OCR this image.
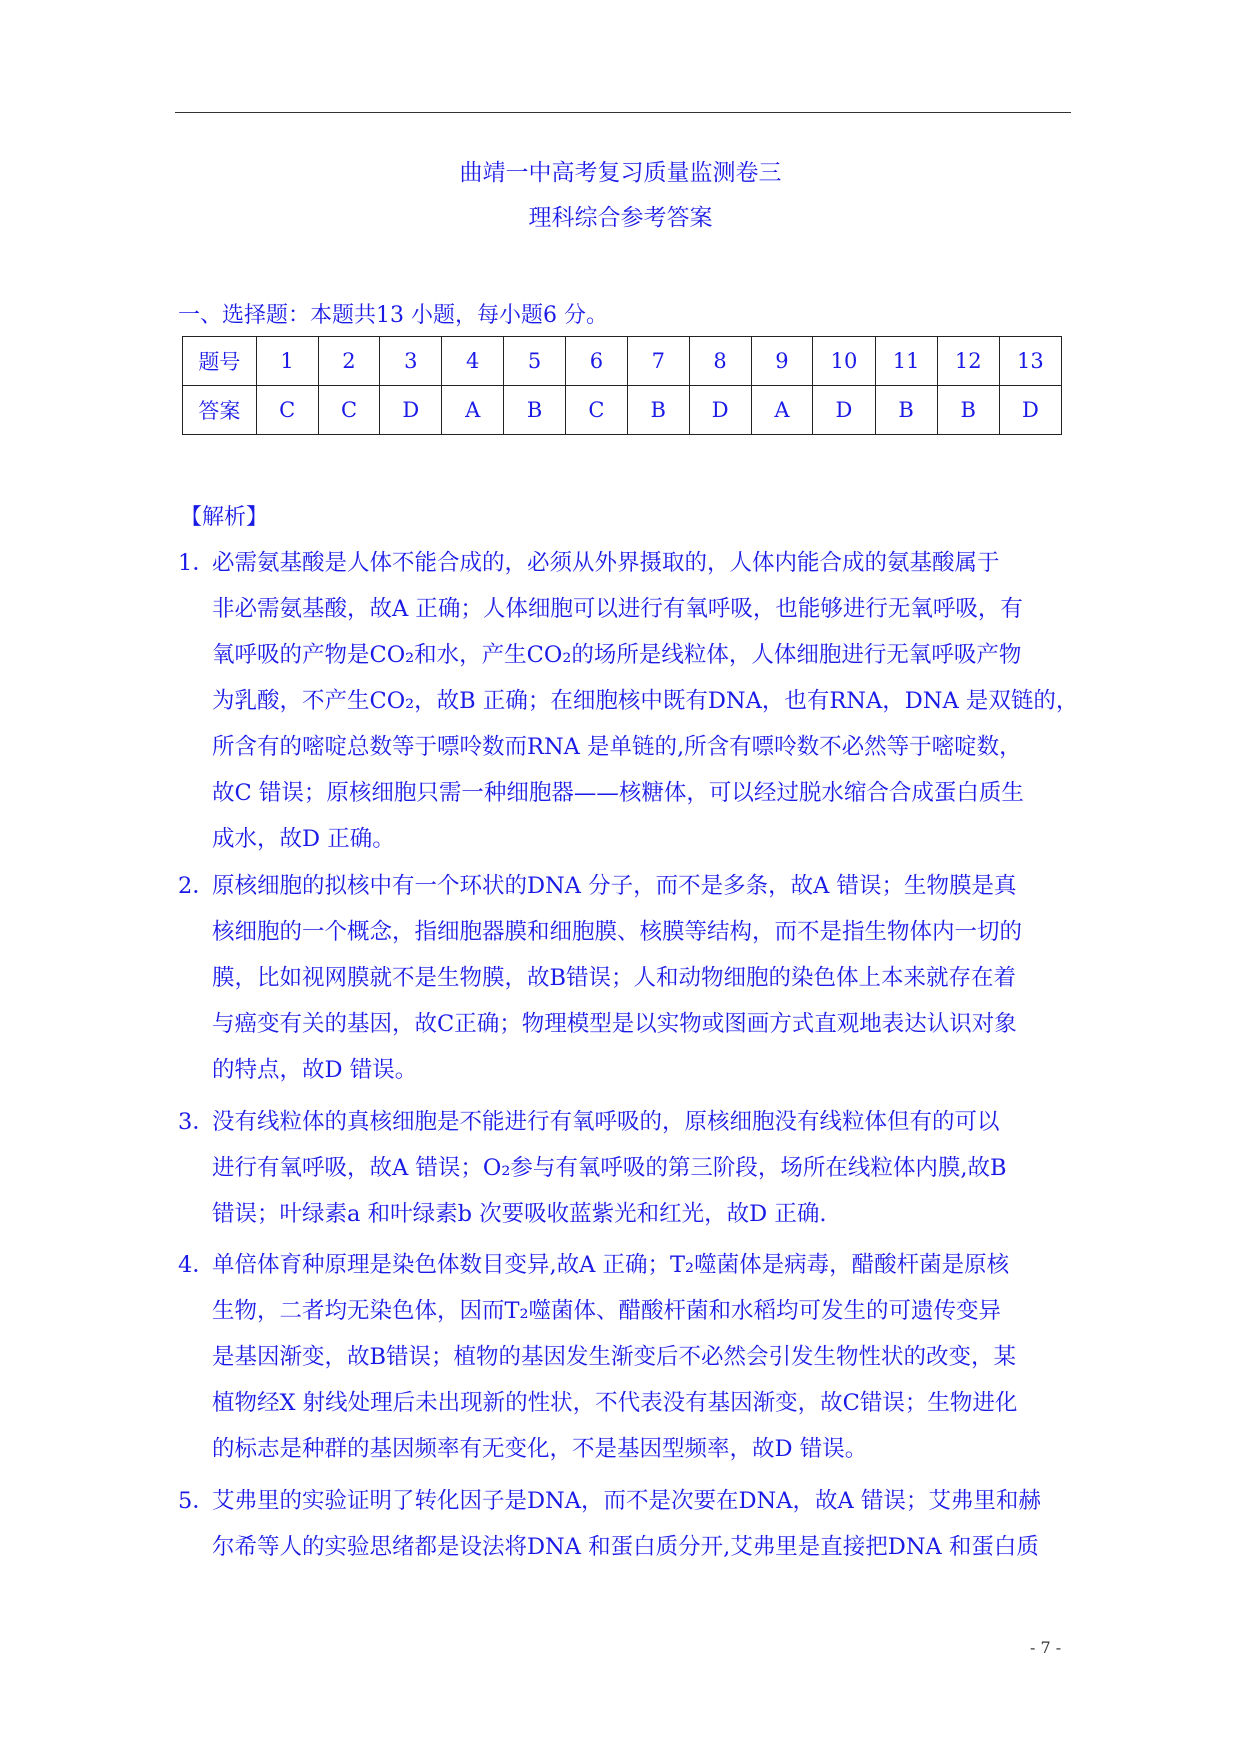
曲靖一中高考复习质量监测卷三
理科综合参考答案
一、选择题：本题共13 小题，每小题6 分。
题号	1	2	3	4	5	6	7	8	9	10	11	12	13
答案	C	C	D	A	B	C	B	D	A	D	B	B	D
【解析】
1．
必需氨基酸是人体不能合成的，必须从外界摄取的，人体内能合成的氨基酸属于
非必需氨基酸，故A 正确；人体细胞可以进行有氧呼吸，也能够进行无氧呼吸，有
氧呼吸的产物是CO₂和水，产生CO₂的场所是线粒体，人体细胞进行无氧呼吸产物
为乳酸，不产生CO₂，故B 正确；在细胞核中既有DNA，也有RNA，DNA 是双链的，
所含有的嘧啶总数等于嘌呤数而RNA 是单链的,所含有嘌呤数不必然等于嘧啶数，
故C 错误；原核细胞只需一种细胞器——核糖体，可以经过脱水缩合合成蛋白质生
成水，故D 正确。
2．
原核细胞的拟核中有一个环状的DNA 分子，而不是多条，故A 错误；生物膜是真
核细胞的一个概念，指细胞器膜和细胞膜、核膜等结构，而不是指生物体内一切的
膜，比如视网膜就不是生物膜，故B错误；人和动物细胞的染色体上本来就存在着
与癌变有关的基因，故C正确；物理模型是以实物或图画方式直观地表达认识对象
的特点，故D 错误。
3．
没有线粒体的真核细胞是不能进行有氧呼吸的，原核细胞没有线粒体但有的可以
进行有氧呼吸，故A 错误；O₂参与有氧呼吸的第三阶段，场所在线粒体内膜,故B
错误；叶绿素a 和叶绿素b 次要吸收蓝紫光和红光，故D 正确.
4．
单倍体育种原理是染色体数目变异,故A 正确；T₂噬菌体是病毒，醋酸杆菌是原核
生物，二者均无染色体，因而T₂噬菌体、醋酸杆菌和水稻均可发生的可遗传变异
是基因渐变，故B错误；植物的基因发生渐变后不必然会引发生物性状的改变，某
植物经X 射线处理后未出现新的性状，不代表没有基因渐变，故C错误；生物进化
的标志是种群的基因频率有无变化，不是基因型频率，故D 错误。
5．
艾弗里的实验证明了转化因子是DNA，而不是次要在DNA，故A 错误；艾弗里和赫
尔希等人的实验思绪都是设法将DNA 和蛋白质分开,艾弗里是直接把DNA 和蛋白质
- 7 -
